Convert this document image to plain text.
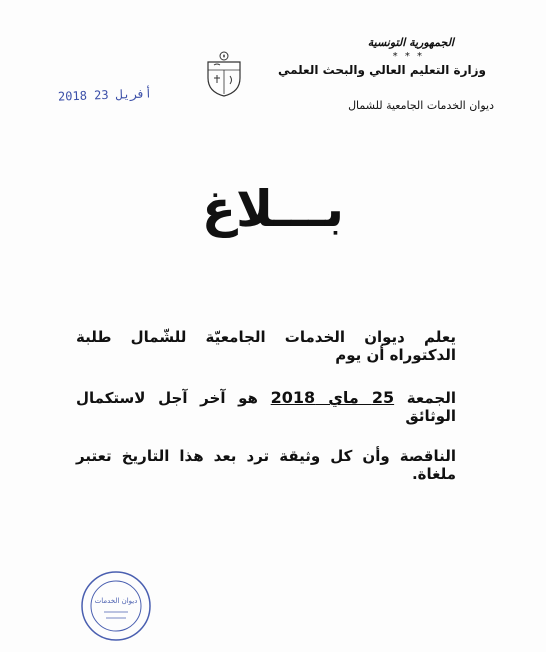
الجمهورية التونسية
* * *
وزارة التعليم العالي والبحث العلمي
ديوان الخدمات الجامعية للشمال
2018 أفريل 23
بـــلاغ
يعلم ديوان الخدمات الجامعيّة للشّمال طلبة الدكتوراه أن يوم
الجمعة 25 ماي 2018 هو آخر آجل لاستكمال الوثائق
الناقصة وأن كل وثيقة ترد بعد هذا التاريخ تعتبر ملغاة.
ديوان الخدمات
